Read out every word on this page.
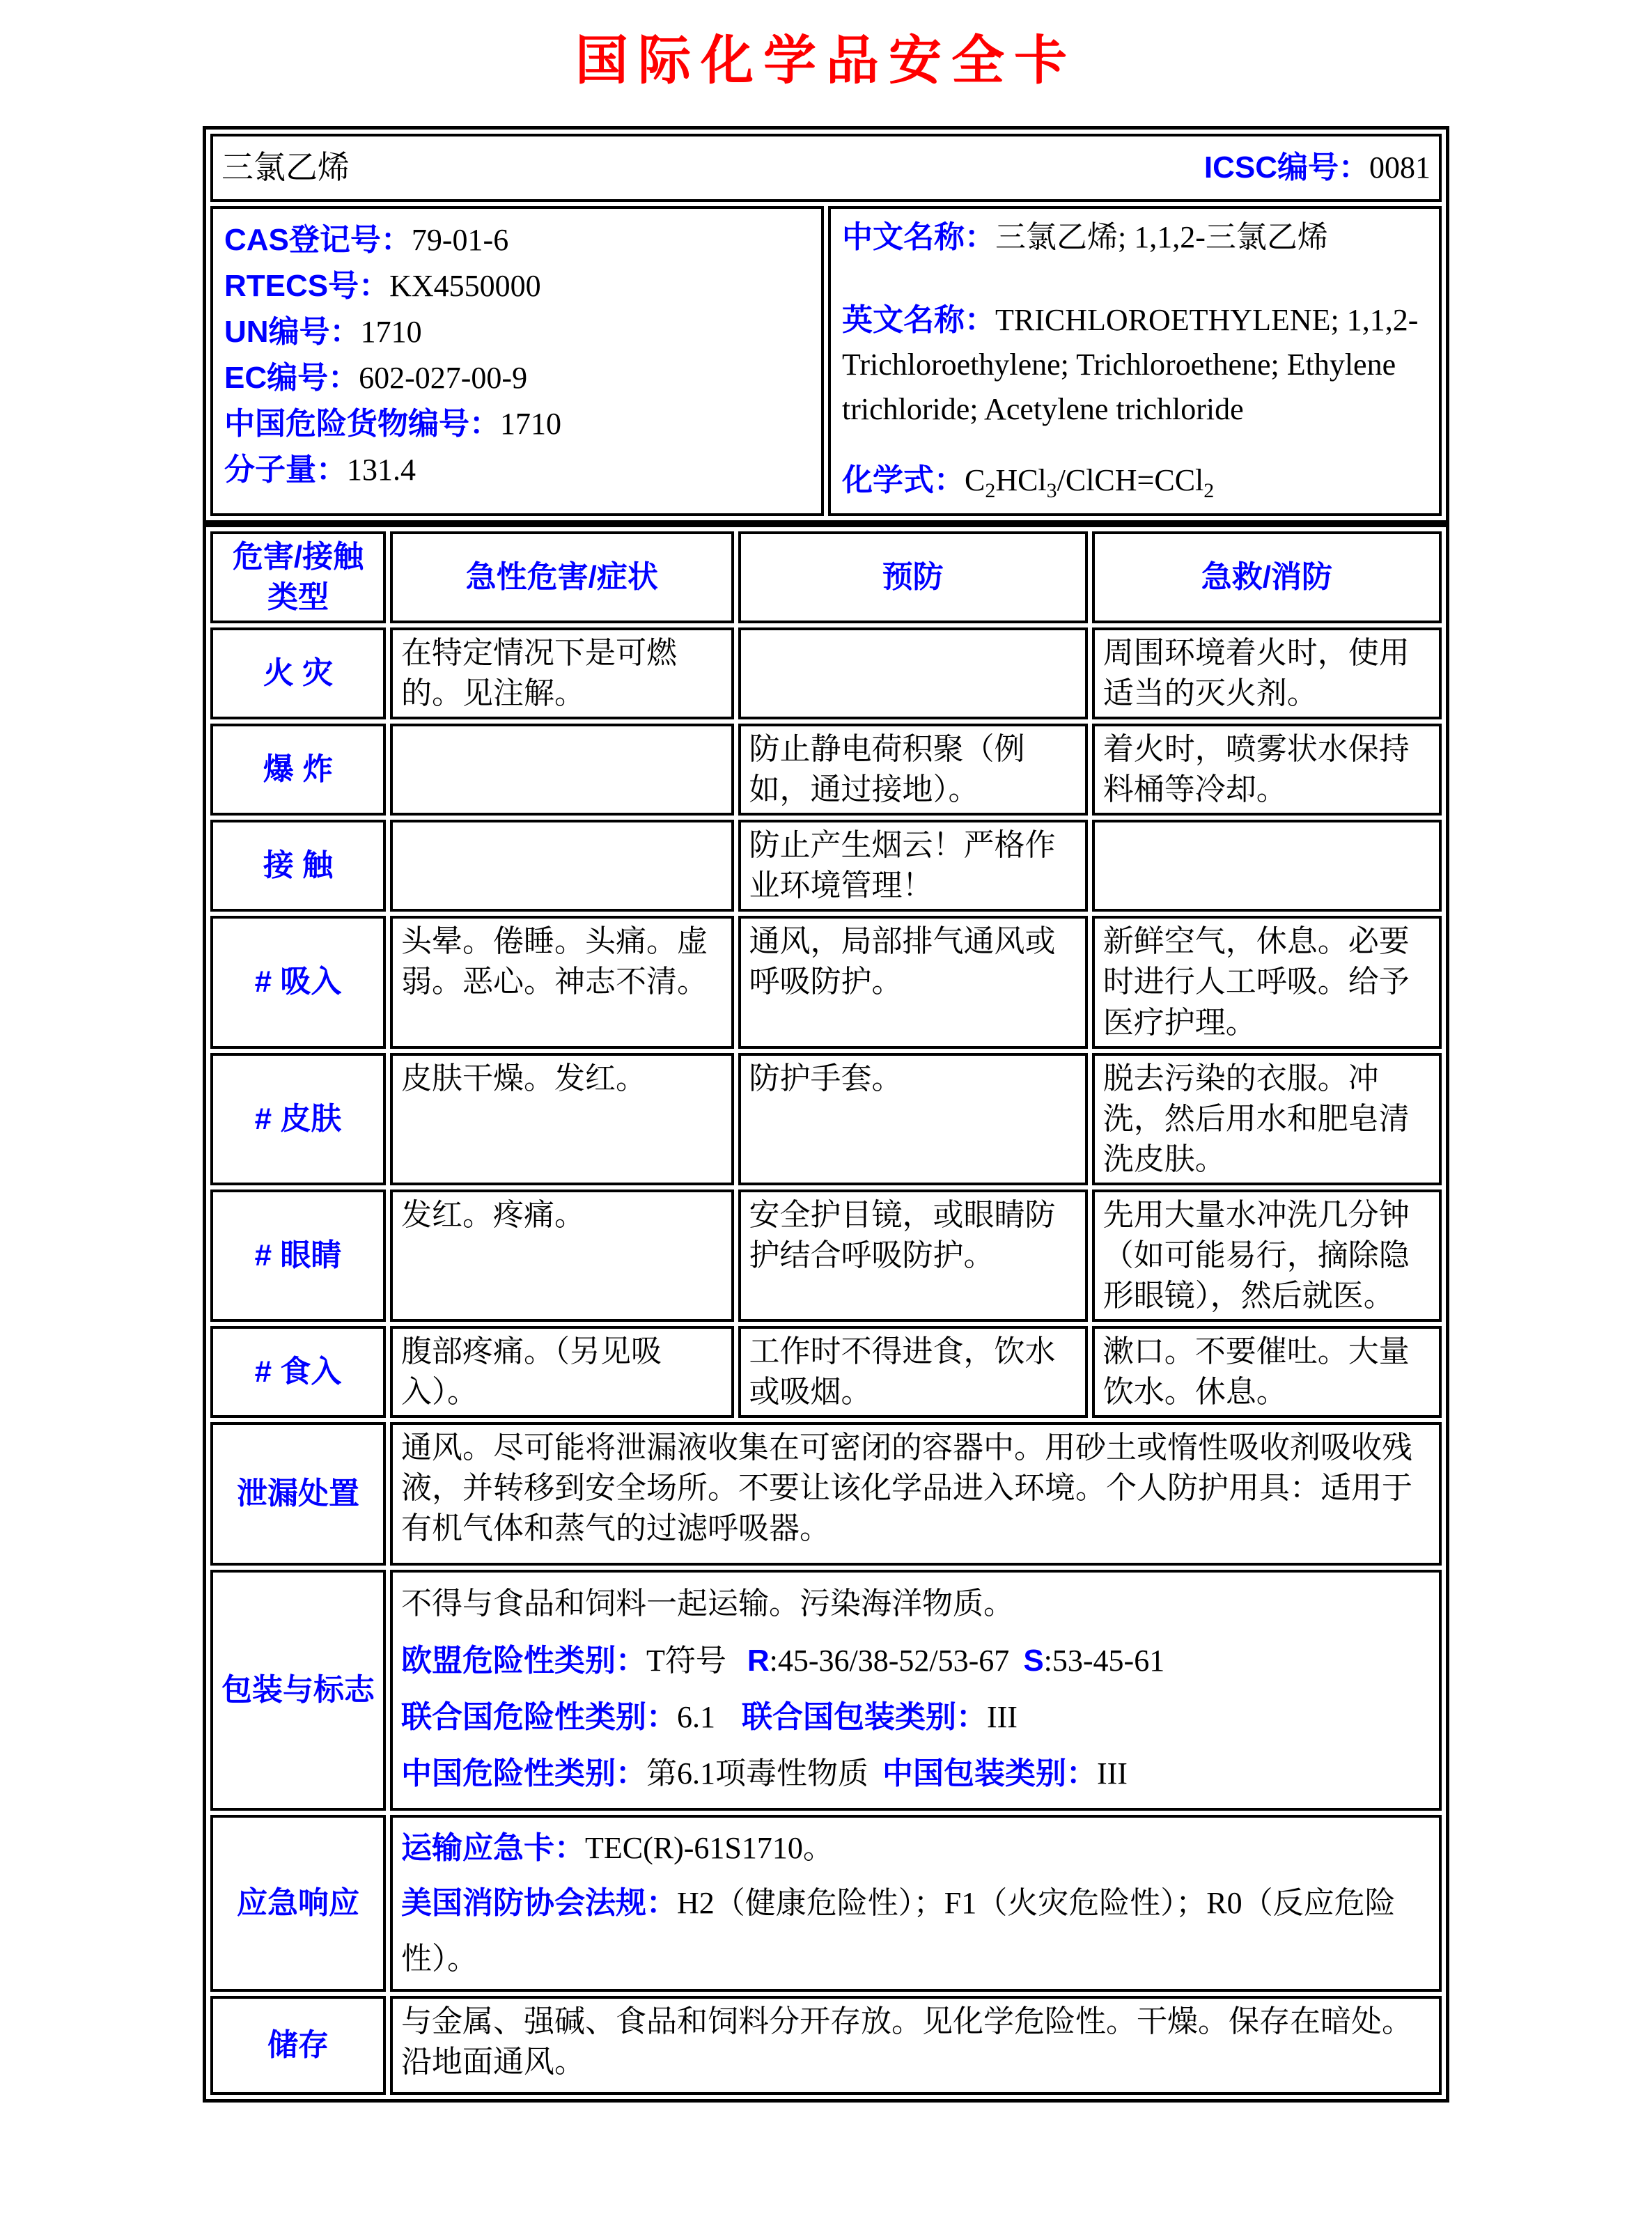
国际化学品安全卡
三氯乙烯	ICSC编号：0081

CAS登记号：79-01-6
RTECS号：KX4550000
UN编号：1710
EC编号：602-027-00-9
中国危险货物编号：1710
分子量：131.4

中文名称：三氯乙烯; 1,1,2-三氯乙烯
英文名称：TRICHLOROETHYLENE; 1,1,2-Trichloroethylene; Trichloroethene; Ethylene trichloride; Acetylene trichloride
化学式：$C_2HCl_3/ClCH=CCl_2$
危害/接触
类型	急性危害/症状	预防	急救/消防
火 灾	在特定情况下是可燃的。见注解。		周围环境着火时，使用适当的灭火剂。
爆 炸		防止静电荷积聚（例如，通过接地）。	着火时，喷雾状水保持料桶等冷却。
接 触		防止产生烟云！严格作业环境管理！	
# 吸入	头晕。倦睡。头痛。虚弱。恶心。神志不清。	通风，局部排气通风或呼吸防护。	新鲜空气，休息。必要时进行人工呼吸。给予医疗护理。
# 皮肤	皮肤干燥。发红。	防护手套。	脱去污染的衣服。冲洗，然后用水和肥皂清洗皮肤。
# 眼睛	发红。疼痛。	安全护目镜，或眼睛防护结合呼吸防护。	先用大量水冲洗几分钟（如可能易行，摘除隐形眼镜），然后就医。
# 食入	腹部疼痛。（另见吸入）。	工作时不得进食，饮水或吸烟。	漱口。不要催吐。大量饮水。休息。
泄漏处置	通风。尽可能将泄漏液收集在可密闭的容器中。用砂土或惰性吸收剂吸收残液，并转移到安全场所。不要让该化学品进入环境。个人防护用具：适用于有机气体和蒸气的过滤呼吸器。		
包装与标志	不得与食品和饲料一起运输。污染海洋物质。

欧盟危险性类别：T符号 R:45-36/38-52/53-67 S:53-45-61

联合国危险性类别：6.1 联合国包装类别：III

中国危险性类别：第6.1项毒性物质 中国包装类别：III		

应急响应	运输应急卡：TEC(R)-61S1710。

美国消防协会法规：H2（健康危险性）；F1（火灾危险性）；R0（反应危险性）。		

储存	与金属、强碱、食品和饲料分开存放。见化学危险性。干燥。保存在暗处。沿地面通风。		
